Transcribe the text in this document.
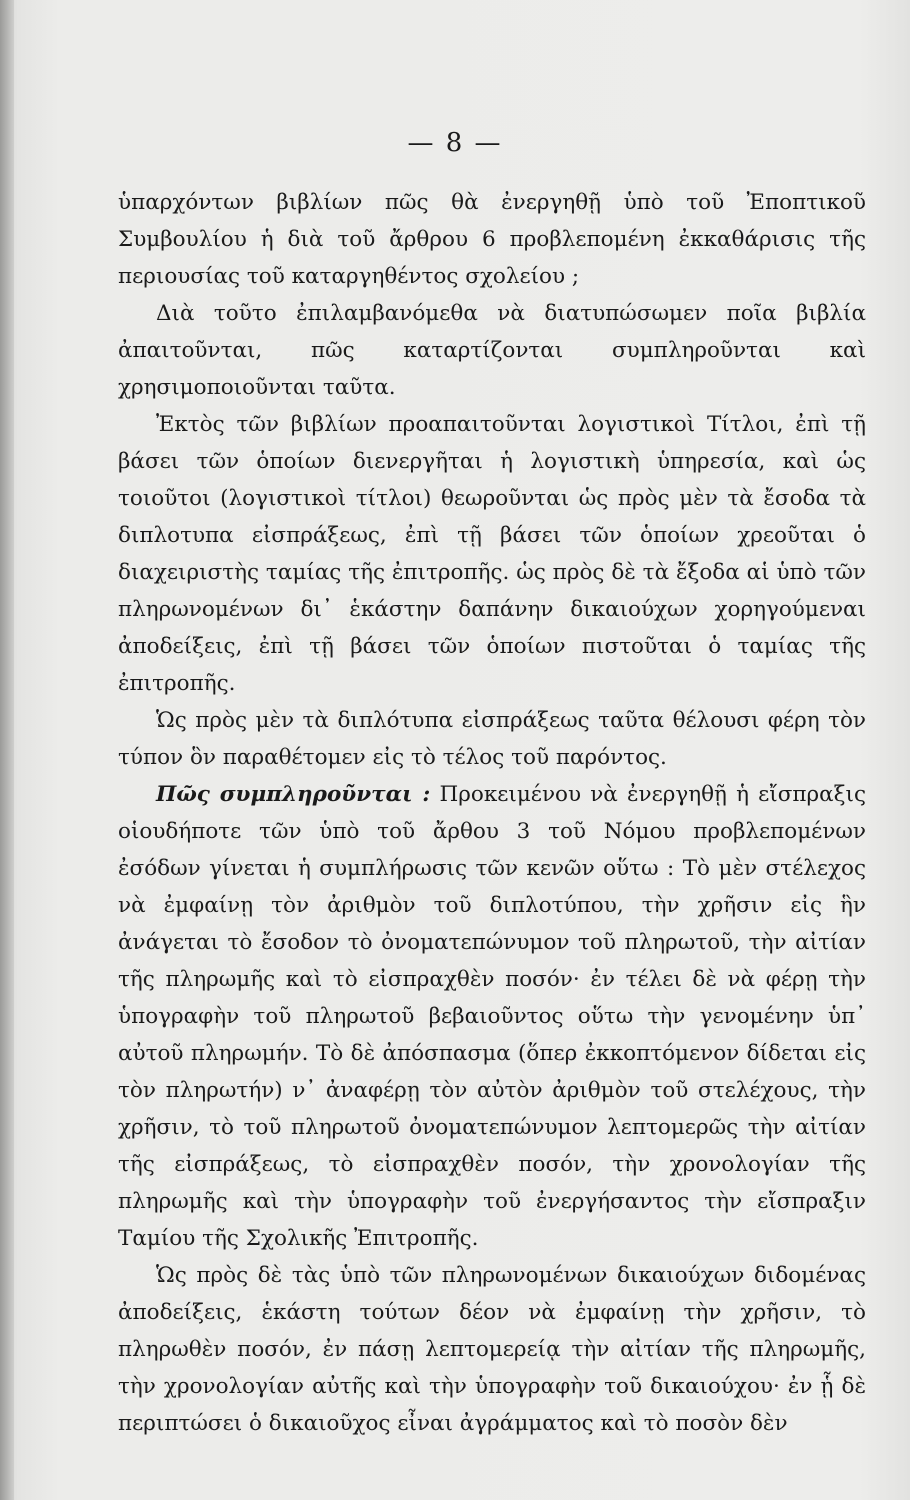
— 8 —

ὑπαρχόντων βιβλίων πῶς θὰ ἐνεργηθῇ ὑπὸ τοῦ Ἐποπτικοῦ Συμβουλίου ἡ διὰ τοῦ ἄρθρου 6 προβλεπομένη ἐκκαθάρισις τῆς περιουσίας τοῦ καταργηθέντος σχολείου ;

Διὰ τοῦτο ἐπιλαμβανόμεθα νὰ διατυπώσωμεν ποῖα βιβλία ἀπαιτοῦνται, πῶς καταρτίζονται συμπληροῦνται καὶ χρησιμοποιοῦνται ταῦτα.

Ἐκτὸς τῶν βιβλίων προαπαιτοῦνται λογιστικοὶ Τίτλοι, ἐπὶ τῇ βάσει τῶν ὁποίων διενεργῆται ἡ λογιστικὴ ὑπηρεσία, καὶ ὡς τοιοῦτοι (λογιστικοὶ τίτλοι) θεωροῦνται ὡς πρὸς μὲν τὰ ἔσοδα τὰ διπλοτυπα εἰσπράξεως, ἐπὶ τῇ βάσει τῶν ὁποίων χρεοῦται ὁ διαχειριστὴς ταμίας τῆς ἐπιτροπῆς. ὡς πρὸς δὲ τὰ ἔξοδα αἱ ὑπὸ τῶν πληρωνομένων δι᾽ ἑκάστην δαπάνην δικαιούχων χορηγούμεναι ἀποδείξεις, ἐπὶ τῇ βάσει τῶν ὁποίων πιστοῦται ὁ ταμίας τῆς ἐπιτροπῆς.

Ὡς πρὸς μὲν τὰ διπλότυπα εἰσπράξεως ταῦτα θέλουσι φέρη τὸν τύπον ὃν παραθέτομεν εἰς τὸ τέλος τοῦ παρόντος.

Πῶς συμπληροῦνται : Προκειμένου νὰ ἐνεργηθῇ ἡ εἴσπραξις οἱουδήποτε τῶν ὑπὸ τοῦ ἄρθου 3 τοῦ Νόμου προβλεπομένων ἐσόδων γίνεται ἡ συμπλήρωσις τῶν κενῶν οὕτω : Τὸ μὲν στέλεχος νὰ ἐμφαίνῃ τὸν ἀριθμὸν τοῦ διπλοτύπου, τὴν χρῆσιν εἰς ἣν ἀνάγεται τὸ ἔσοδον τὸ ὀνοματεπώνυμον τοῦ πληρωτοῦ, τὴν αἰτίαν τῆς πληρωμῆς καὶ τὸ εἰσπραχθὲν ποσόν· ἐν τέλει δὲ νὰ φέρῃ τὴν ὑπογραφὴν τοῦ πληρωτοῦ βεβαιοῦντος οὕτω τὴν γενομένην ὑπ᾽ αὐτοῦ πληρωμήν. Τὸ δὲ ἀπόσπασμα (ὅπερ ἐκκοπτόμενον δίδεται εἰς τὸν πληρωτήν) ν᾽ ἀναφέρῃ τὸν αὐτὸν ἀριθμὸν τοῦ στελέχους, τὴν χρῆσιν, τὸ τοῦ πληρωτοῦ ὀνοματεπώνυμον λεπτομερῶς τὴν αἰτίαν τῆς εἰσπράξεως, τὸ εἰσπραχθὲν ποσόν, τὴν χρονολογίαν τῆς πληρωμῆς καὶ τὴν ὑπογραφὴν τοῦ ἐνεργήσαντος τὴν εἴσπραξιν Ταμίου τῆς Σχολικῆς Ἐπιτροπῆς.

Ὡς πρὸς δὲ τὰς ὑπὸ τῶν πληρωνομένων δικαιούχων διδομένας ἀποδείξεις, ἑκάστη τούτων δέον νὰ ἐμφαίνῃ τὴν χρῆσιν, τὸ πληρωθὲν ποσόν, ἐν πάσῃ λεπτομερείᾳ τὴν αἰτίαν τῆς πληρωμῆς, τὴν χρονολογίαν αὐτῆς καὶ τὴν ὑπογραφὴν τοῦ δικαιούχου· ἐν ᾗ δὲ περιπτώσει ὁ δικαιοῦχος εἶναι ἀγράμματος καὶ τὸ ποσὸν δὲν
